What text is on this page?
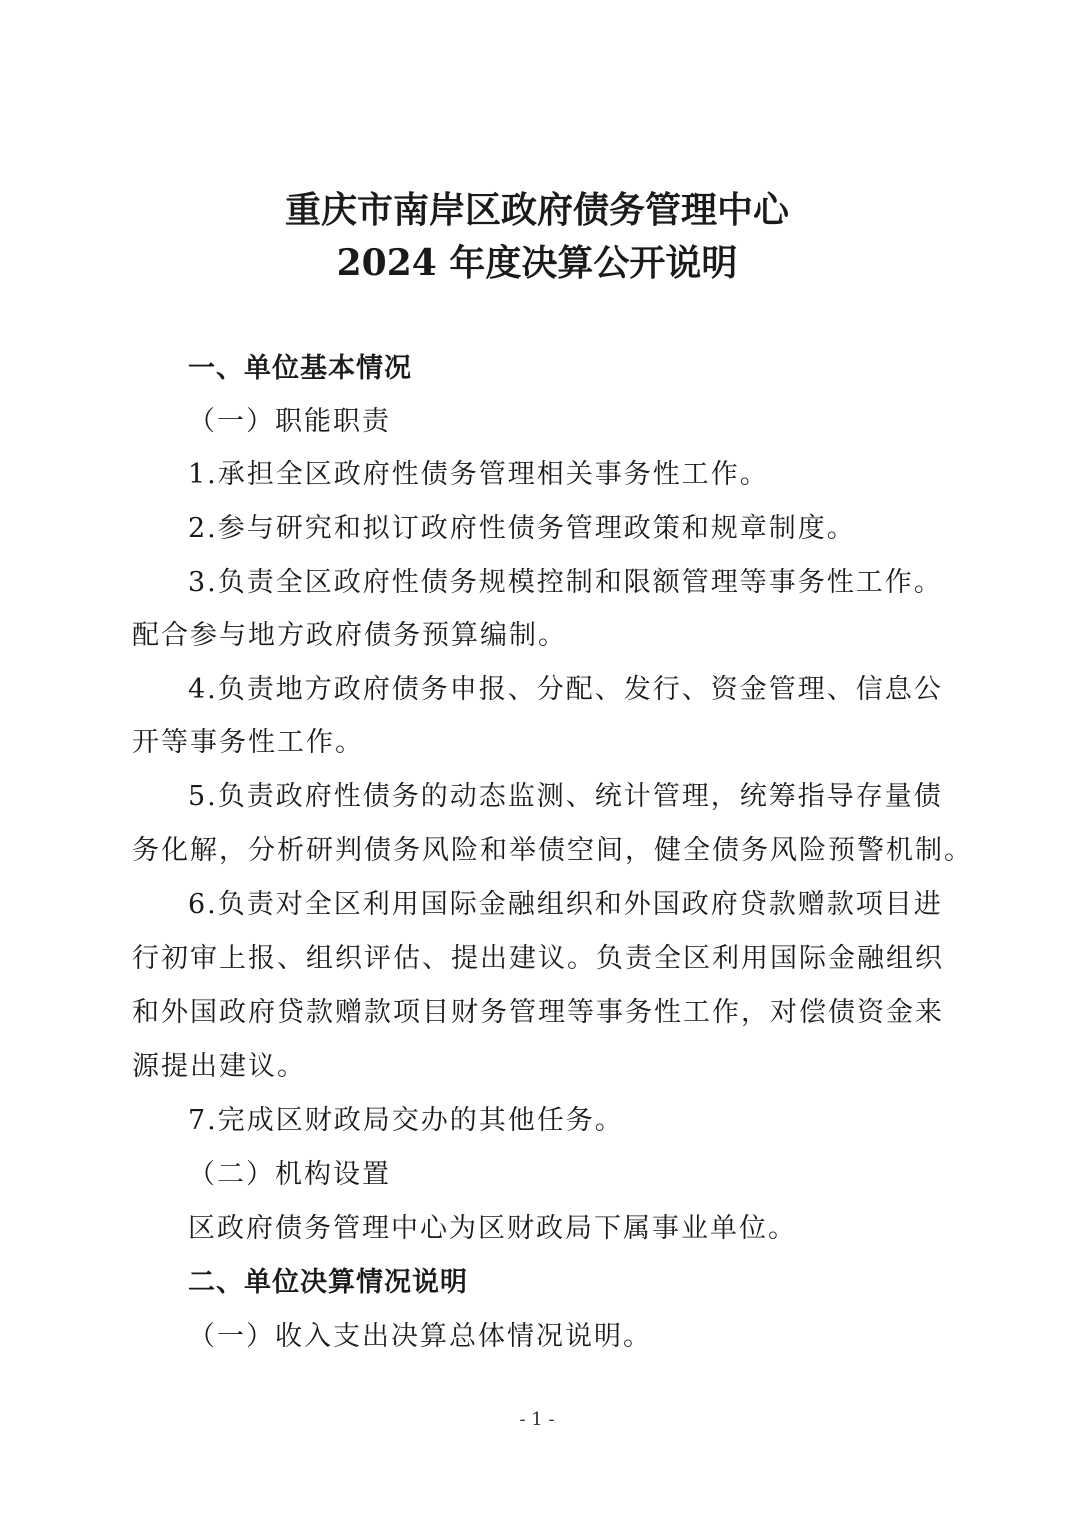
重庆市南岸区政府债务管理中心
2024 年度决算公开说明
一、单位基本情况
（一）职能职责
1.承担全区政府性债务管理相关事务性工作。
2.参与研究和拟订政府性债务管理政策和规章制度。
3.负责全区政府性债务规模控制和限额管理等事务性工作。
配合参与地方政府债务预算编制。
4.负责地方政府债务申报、分配、发行、资金管理、信息公
开等事务性工作。
5.负责政府性债务的动态监测、统计管理，统筹指导存量债
务化解，分析研判债务风险和举债空间，健全债务风险预警机制。
6.负责对全区利用国际金融组织和外国政府贷款赠款项目进
行初审上报、组织评估、提出建议。负责全区利用国际金融组织
和外国政府贷款赠款项目财务管理等事务性工作，对偿债资金来
源提出建议。
7.完成区财政局交办的其他任务。
（二）机构设置
区政府债务管理中心为区财政局下属事业单位。
二、单位决算情况说明
（一）收入支出决算总体情况说明。
- 1 -
